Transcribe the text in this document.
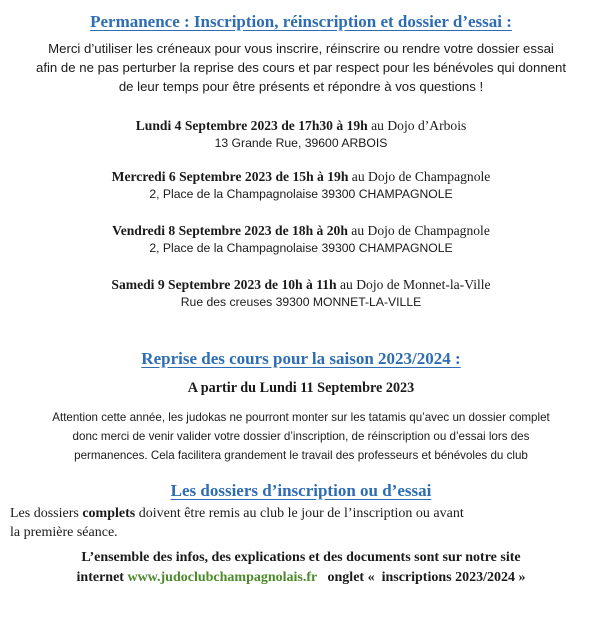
Permanence : Inscription, réinscription et dossier d’essai :
Merci d’utiliser les créneaux pour vous inscrire, réinscrire ou rendre votre dossier essai
afin de ne pas perturber la reprise des cours et par respect pour les bénévoles qui donnent
de leur temps pour être présents et répondre à vos questions !
Lundi 4 Septembre 2023 de 17h30 à 19h au Dojo d’Arbois
13 Grande Rue, 39600 ARBOIS
Mercredi 6 Septembre 2023 de 15h à 19h au Dojo de Champagnole
2, Place de la Champagnolaise 39300 CHAMPAGNOLE
Vendredi 8 Septembre 2023 de 18h à 20h au Dojo de Champagnole
2, Place de la Champagnolaise 39300 CHAMPAGNOLE
Samedi 9 Septembre 2023 de 10h à 11h au Dojo de Monnet-la-Ville
Rue des creuses 39300 MONNET-LA-VILLE
Reprise des cours pour la saison 2023/2024 :
A partir du Lundi 11 Septembre 2023
Attention cette année, les judokas ne pourront monter sur les tatamis qu’avec un dossier complet
donc merci de venir valider votre dossier d’inscription, de réinscription ou d’essai lors des
permanences. Cela facilitera grandement le travail des professeurs et bénévoles du club
Les dossiers d’inscription ou d’essai
Les dossiers complets doivent être remis au club le jour de l’inscription ou avant
la première séance.
L’ensemble des infos, des explications et des documents sont sur notre site
internet www.judoclubchampagnolais.fr   onglet «  inscriptions 2023/2024 »
